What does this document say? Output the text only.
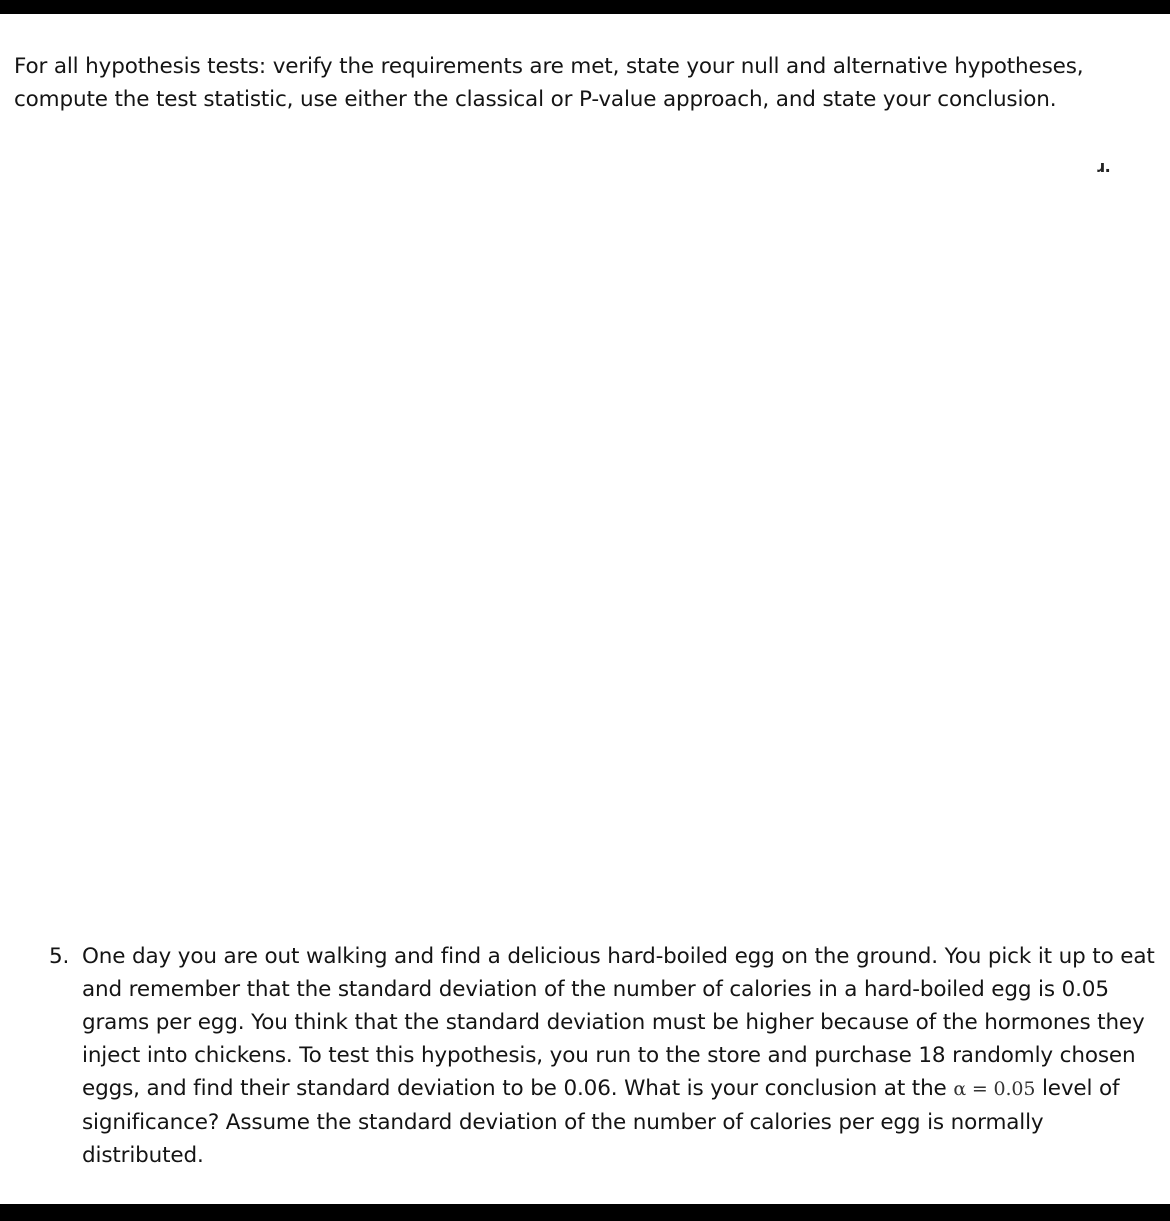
For all hypothesis tests: verify the requirements are met, state your null and alternative hypotheses, compute the test statistic, use either the classical or P-value approach, and state your conclusion.
ɹ.
5. One day you are out walking and find a delicious hard-boiled egg on the ground. You pick it up to eat and remember that the standard deviation of the number of calories in a hard-boiled egg is 0.05 grams per egg. You think that the standard deviation must be higher because of the hormones they inject into chickens. To test this hypothesis, you run to the store and purchase 18 randomly chosen eggs, and find their standard deviation to be 0.06. What is your conclusion at the α = 0.05 level of significance? Assume the standard deviation of the number of calories per egg is normally distributed.
